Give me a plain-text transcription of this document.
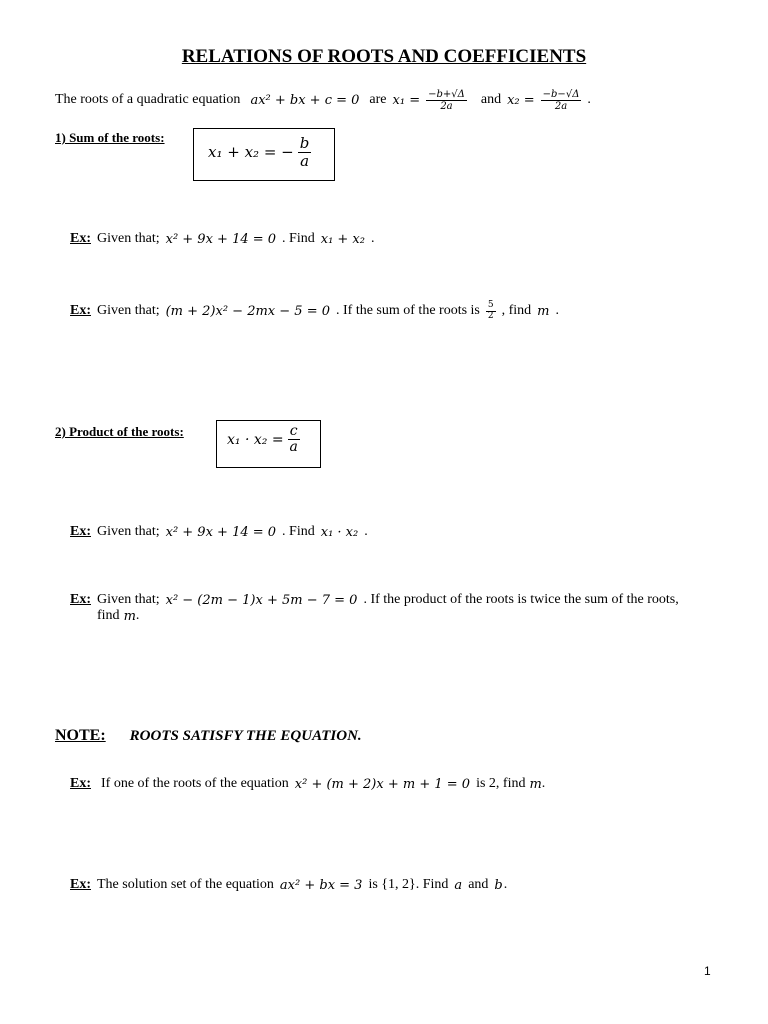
RELATIONS OF ROOTS AND COEFFICIENTS
The roots of a quadratic equation ax² + bx + c = 0 are $x_1 = \frac{-b+√\Delta}{2a}$ and $x_2 = \frac{-b-√\Delta}{2a}$ .
1) Sum of the roots:
x₁ + x₂ = − $\frac{b}{a}$
Ex: Given that; x² + 9x + 14 = 0 . Find x₁ + x₂ .
Ex: Given that; (m + 2)x² − 2mx − 5 = 0 . If the sum of the roots is $\frac{5}{2}$ , find m .
2) Product of the roots:
$x_1 \cdot x_2 = \frac{c}{a}$
Ex: Given that; x² + 9x + 14 = 0 . Find x₁ · x₂ .
Ex: Given that; x² − (2m − 1)x + 5m − 7 = 0 . If the product of the roots is twice the sum of the roots,
find m .
NOTE: ROOTS SATISFY THE EQUATION.
Ex: If one of the roots of the equation x² + (m + 2)x + m + 1 = 0 is 2, find m .
Ex: The solution set of the equation ax² + bx = 3 is {1, 2}. Find a and b .
1
